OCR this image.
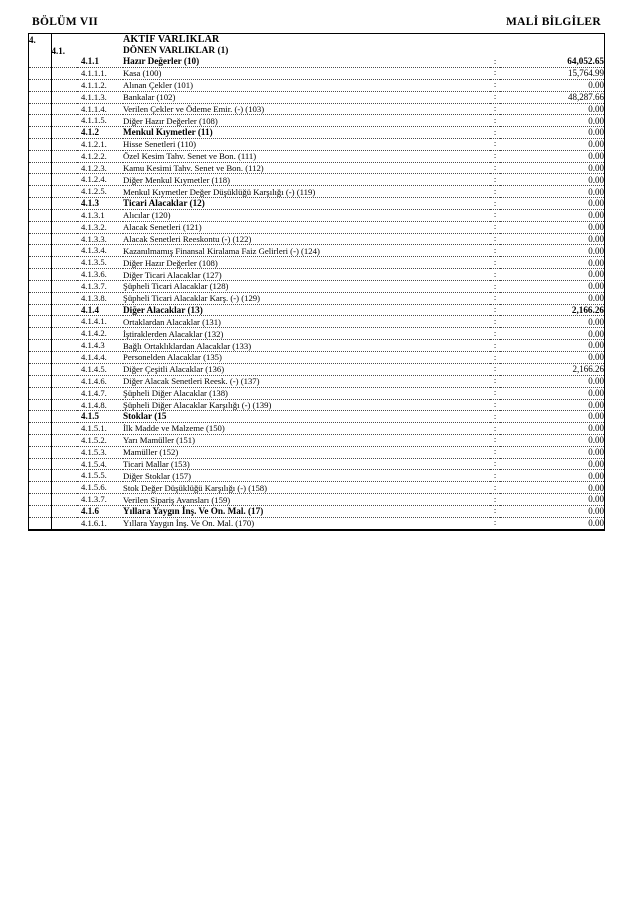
BÖLÜM VII	MALİ BİLGİLER
4.			AKTİF VARLIKLAR		
	4.1.		DÖNEN VARLIKLAR (1)		
		4.1.1	Hazır Değerler (10)	:	64,052.65
		4.1.1.1.	Kasa (100)	:	15,764.99
		4.1.1.2.	Alınan Çekler (101)	:	0.00
		4.1.1.3.	Bankalar (102)	:	48,287.66
		4.1.1.4.	Verilen Çekler ve Ödeme Emir. (-) (103)	:	0.00
		4.1.1.5.	Diğer Hazır Değerler (108)	:	0.00
		4.1.2	Menkul Kıymetler (11)	:	0.00
		4.1.2.1.	Hisse Senetleri (110)	:	0.00
		4.1.2.2.	Özel Kesim Tahv. Senet ve Bon. (111)	:	0.00
		4.1.2.3.	Kamu Kesimi Tahv. Senet ve Bon. (112)	:	0.00
		4.1.2.4.	Diğer Menkul Kıymetler (118)	:	0.00
		4.1.2.5.	Menkul Kıymetler Değer Düşüklüğü Karşılığı (-) (119)	:	0.00
		4.1.3	Ticari Alacaklar (12)	:	0.00
		4.1.3.1	Alıcılar (120)	:	0.00
		4.1.3.2.	Alacak Senetleri (121)	:	0.00
		4.1.3.3.	Alacak Senetleri Reeskontu (-) (122)	:	0.00
		4.1.3.4.	Kazanılmamış Finansal Kiralama Faiz Gelirleri (-) (124)	:	0.00
		4.1.3.5.	Diğer Hazır Değerler (108)	:	0.00
		4.1.3.6.	Diğer Ticari Alacaklar (127)	:	0.00
		4.1.3.7.	Şüpheli Ticari Alacaklar (128)	:	0.00
		4.1.3.8.	Şüpheli Ticari Alacaklar Karş. (-) (129)	:	0.00
		4.1.4	Diğer Alacaklar (13)	:	2,166.26
		4.1.4.1.	Ortaklardan Alacaklar (131)	:	0.00
		4.1.4.2.	İştiraklerden Alacaklar (132)	:	0.00
		4.1.4.3	Bağlı Ortaklıklardan Alacaklar (133)	:	0.00
		4.1.4.4.	Personelden Alacaklar (135)	:	0.00
		4.1.4.5.	Diğer Çeşitli Alacaklar (136)	:	2,166.26
		4.1.4.6.	Diğer Alacak Senetleri Reesk. (-) (137)	:	0.00
		4.1.4.7.	Şüpheli Diğer Alacaklar (138)	:	0.00
		4.1.4.8.	Şüpheli Diğer Alacaklar Karşılığı (-) (139)	:	0.00
		4.1.5	Stoklar (15	:	0.00
		4.1.5.1.	İlk Madde ve Malzeme (150)	:	0.00
		4.1.5.2.	Yarı Mamüller (151)	:	0.00
		4.1.5.3.	Mamüller (152)	:	0.00
		4.1.5.4.	Ticari Mallar (153)	:	0.00
		4.1.5.5.	Diğer Stoklar (157)	:	0.00
		4.1.5.6.	Stok Değer Düşüklüğü Karşılığı (-) (158)	:	0.00
		4.1.3.7.	Verilen Sipariş Avansları (159)	:	0.00
		4.1.6	Yıllara Yaygın İnş. Ve On. Mal. (17)	:	0.00
		4.1.6.1.	Yıllara Yaygın İnş. Ve On. Mal. (170)	:	0.00
